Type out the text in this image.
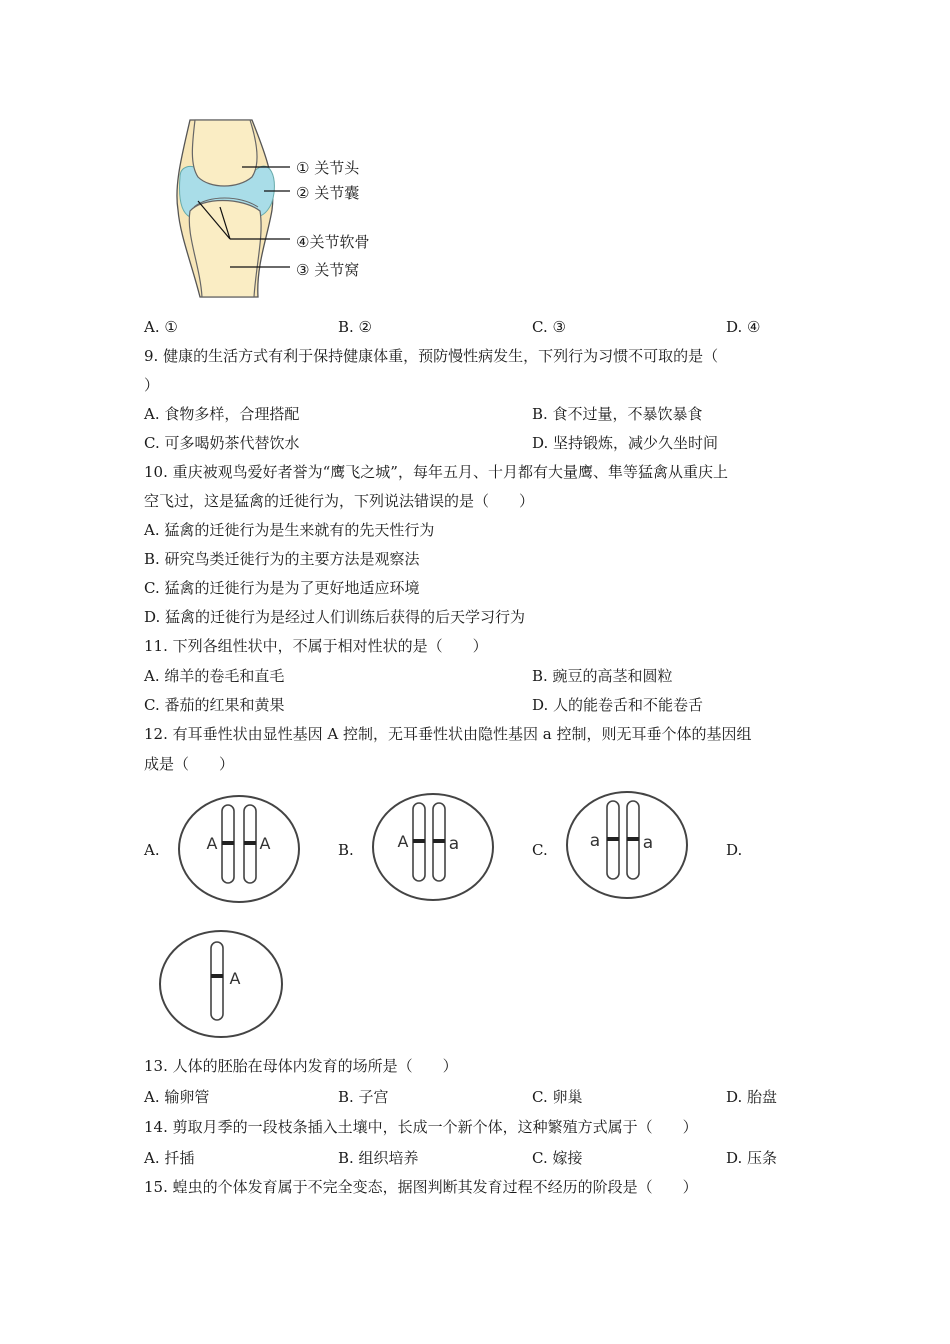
① 关节头
② 关节囊
④关节软骨
③ 关节窝
A. ①	B. ②	C. ③	D. ④
9. 健康的生活方式有利于保持健康体重，预防慢性病发生，下列行为习惯不可取的是（
）
A. 食物多样，合理搭配	B. 食不过量，不暴饮暴食
C. 可多喝奶茶代替饮水	D. 坚持锻炼，减少久坐时间
10. 重庆被观鸟爱好者誉为“鹰飞之城”，每年五月、十月都有大量鹰、隼等猛禽从重庆上
空飞过，这是猛禽的迁徙行为，下列说法错误的是（　　）
A. 猛禽的迁徙行为是生来就有的先天性行为
B. 研究鸟类迁徙行为的主要方法是观察法
C. 猛禽的迁徙行为是为了更好地适应环境
D. 猛禽的迁徙行为是经过人们训练后获得的后天学习行为
11. 下列各组性状中，不属于相对性状的是（　　）
A. 绵羊的卷毛和直毛	B. 豌豆的高茎和圆粒
C. 番茄的红果和黄果	D. 人的能卷舌和不能卷舌
12. 有耳垂性状由显性基因 A 控制，无耳垂性状由隐性基因 a 控制，则无耳垂个体的基因组
成是（　　）
A.	B.	C.	D.
A	A	A a	a	a
A
13. 人体的胚胎在母体内发育的场所是（　　）
A. 输卵管	B. 子宫	C. 卵巢	D. 胎盘
14. 剪取月季的一段枝条插入土壤中，长成一个新个体，这种繁殖方式属于（　　）
A. 扦插	B. 组织培养	C. 嫁接	D. 压条
15. 蝗虫的个体发育属于不完全变态，据图判断其发育过程不经历的阶段是（　　）
